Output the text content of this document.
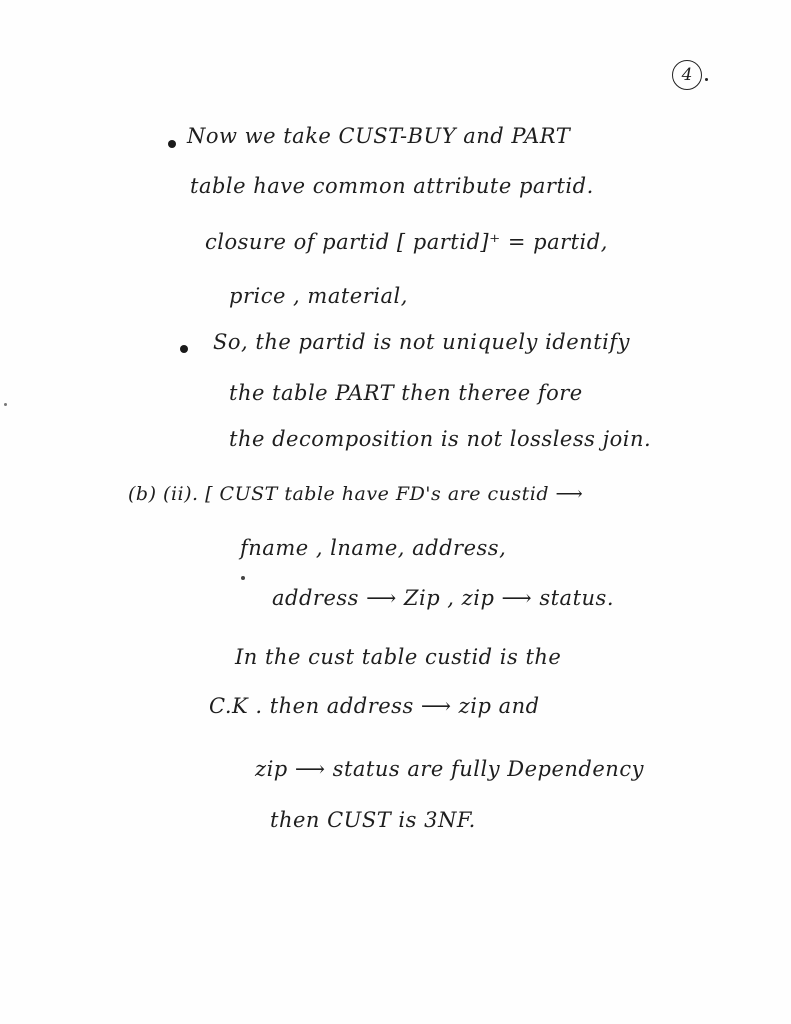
4
Now we take CUST-BUY and PART
table have common attribute partid.
closure of partid [ partid]⁺ = partid,
price , material,
So, the partid is not uniquely identify
the table PART then theree fore
the decomposition is not lossless join.
(b) (ii). [ CUST table have FD's are custid ⟶
fname , lname, address,
address ⟶ Zip , zip ⟶ status.
In the cust table custid is the
C.K . then address ⟶ zip and
zip ⟶ status are fully Dependency
then CUST is 3NF.
